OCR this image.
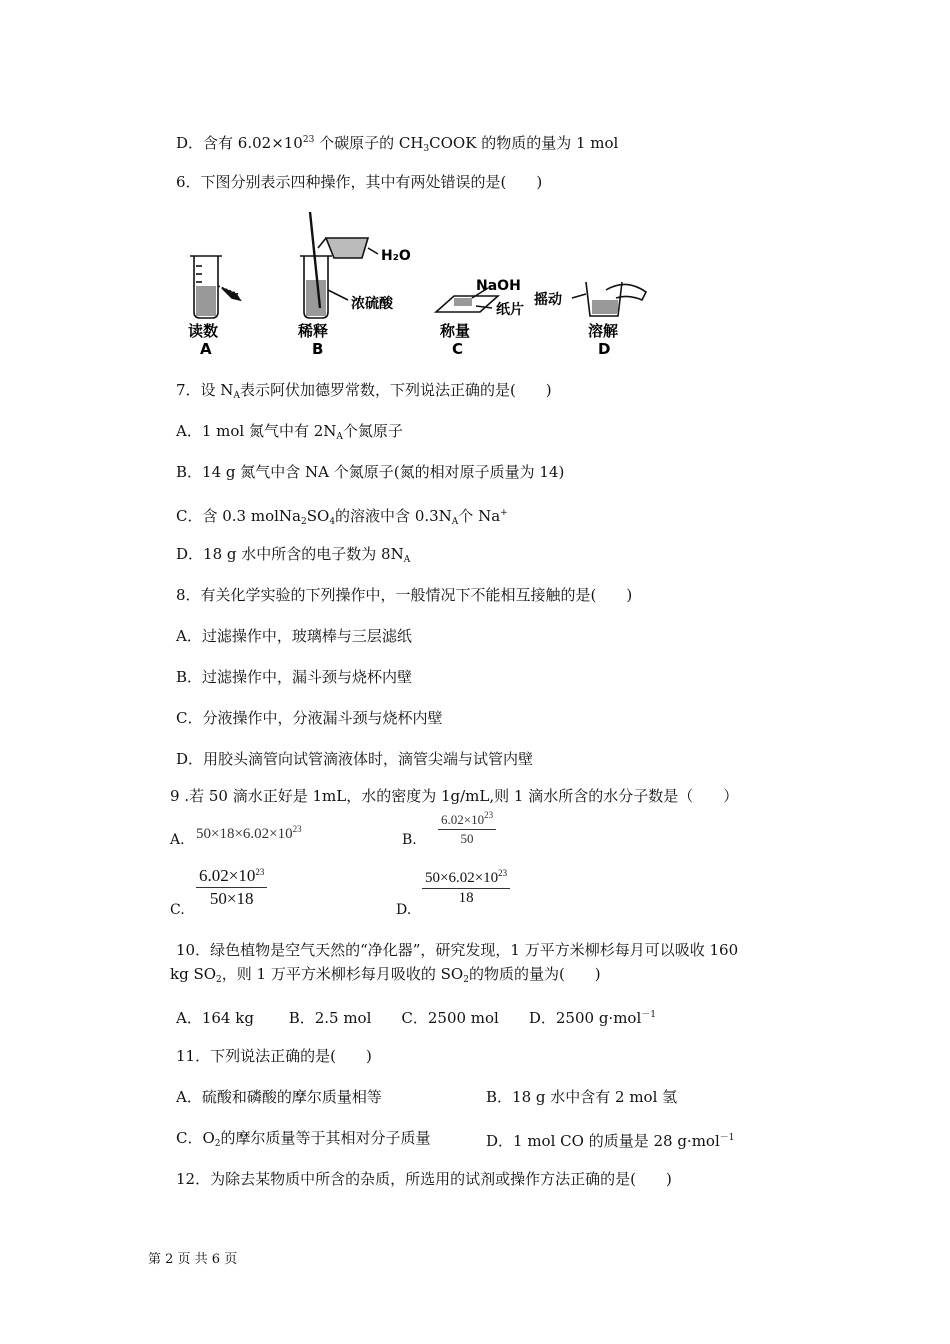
D．含有 $6.02\times 10^{23}$ 个碳原子的 $CH_3COOK$ 的物质的量为 1 mol
6．下图分别表示四种操作，其中有两处错误的是(　　)
H₂O
浓硫酸
NaOH
纸片
摇动
读数
A
稀释
B
称量
C
溶解
D
7．设 $N_A$表示阿伏加德罗常数，下列说法正确的是(　　)
A．1 mol 氮气中有 $2N_A$个氮原子
B．14 g 氮气中含 NA 个氮原子(氮的相对原子质量为 14)
C．含 0.3 $molNa_2SO_4$的溶液中含 $0.3N_A$个 Na+
D．18 g 水中所含的电子数为 $8N_A$
8．有关化学实验的下列操作中，一般情况下不能相互接触的是(　　)
A．过滤操作中，玻璃棒与三层滤纸
B．过滤操作中，漏斗颈与烧杯内壁
C．分液操作中，分液漏斗颈与烧杯内壁
D．用胶头滴管向试管滴液体时，滴管尖端与试管内壁
9 .若 50 滴水正好是 1mL，水的密度为 1g/mL,则 1 滴水所含的水分子数是（　　）
A. $50\times 18\times 6.02\times 10^{23}$
B. $\frac{6.02\times 10^{23}}{50}$
C.
$\frac{6.02\times 10^{23}}{50\times 18}$
D.
$\frac{50\times 6.02\times 10^{23}}{18}$
10．绿色植物是空气天然的“净化器”，研究发现，1 万平方米柳杉每月可以吸收 160
kg $SO_2$，则 1 万平方米柳杉每月吸收的 $SO_2$的物质的量为(　　)
A．164 kg　　 B．2.5 mol　　C．2500 mol　　D．2500 g·mol$^{-1}$
11．下列说法正确的是(　　)
A．硫酸和磷酸的摩尔质量相等	B．18 g 水中含有 2 mol 氢
C．$O_2$的摩尔质量等于其相对分子质量	D．1 mol CO 的质量是 28 g·mol$^{-1}$
12．为除去某物质中所含的杂质，所选用的试剂或操作方法正确的是(　　)
第 2 页 共 6 页
